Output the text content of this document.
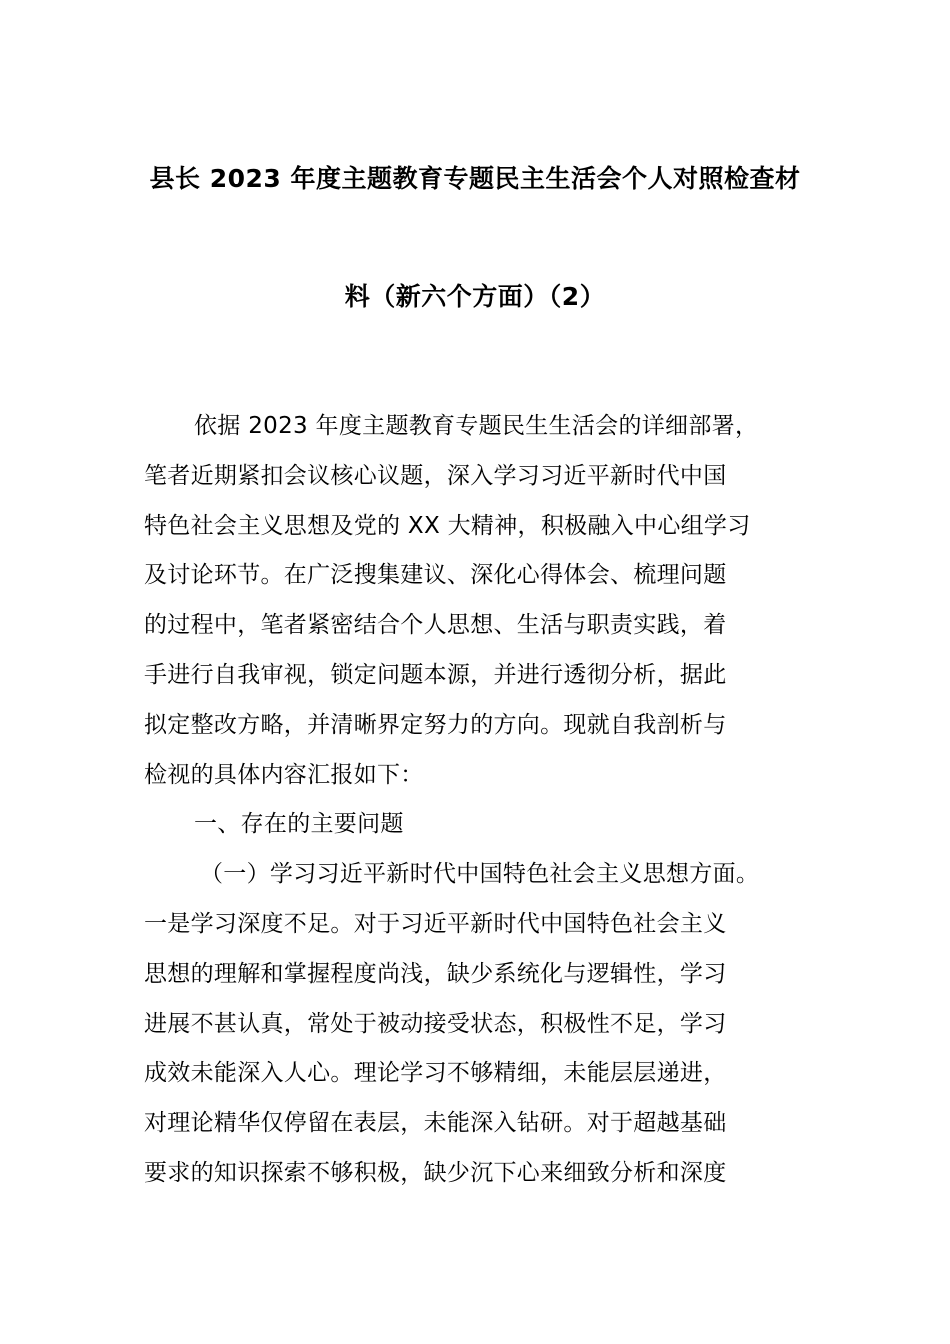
县长 2023 年度主题教育专题民主生活会个人对照检查材
料（新六个方面）（2）
依据 2023 年度主题教育专题民生生活会的详细部署，
笔者近期紧扣会议核心议题，深入学习习近平新时代中国
特色社会主义思想及党的 XX 大精神，积极融入中心组学习
及讨论环节。在广泛搜集建议、深化心得体会、梳理问题
的过程中，笔者紧密结合个人思想、生活与职责实践，着
手进行自我审视，锁定问题本源，并进行透彻分析，据此
拟定整改方略，并清晰界定努力的方向。现就自我剖析与
检视的具体内容汇报如下：
一、存在的主要问题
（一）学习习近平新时代中国特色社会主义思想方面。
一是学习深度不足。对于习近平新时代中国特色社会主义
思想的理解和掌握程度尚浅，缺少系统化与逻辑性，学习
进展不甚认真，常处于被动接受状态，积极性不足，学习
成效未能深入人心。理论学习不够精细，未能层层递进，
对理论精华仅停留在表层，未能深入钻研。对于超越基础
要求的知识探索不够积极，缺少沉下心来细致分析和深度
